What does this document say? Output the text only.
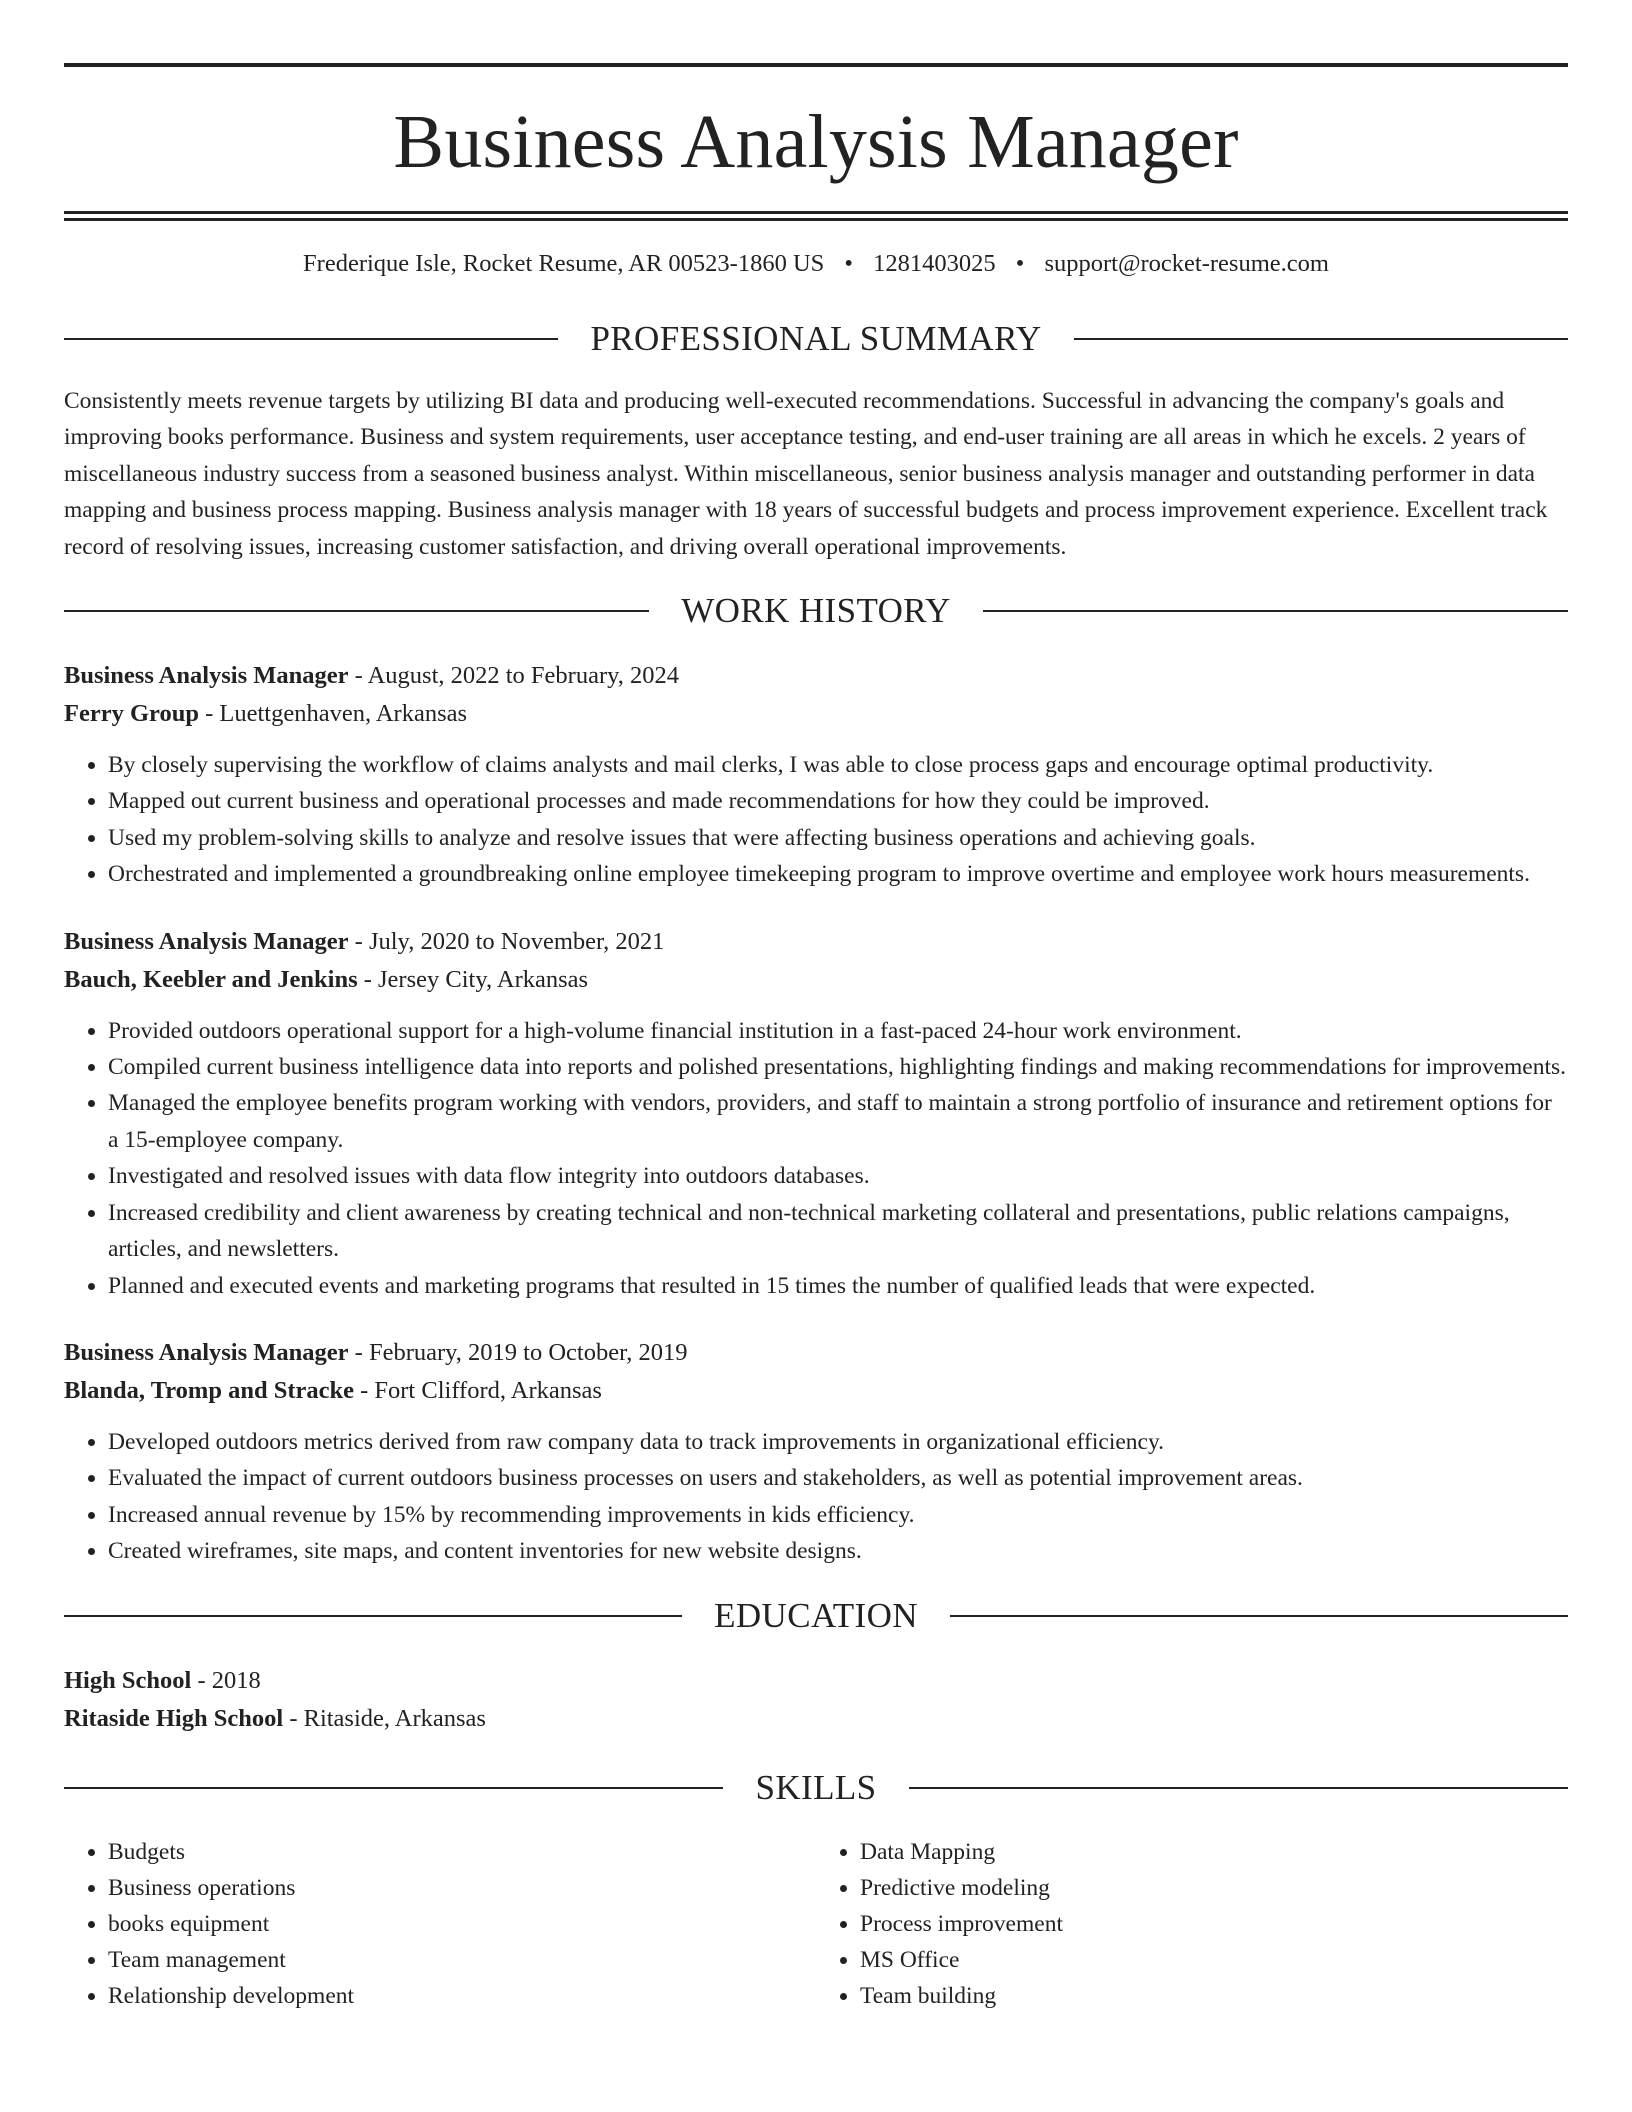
Business Analysis Manager
Frederique Isle, Rocket Resume, AR 00523-1860 US • 1281403025 • support@rocket-resume.com
PROFESSIONAL SUMMARY
Consistently meets revenue targets by utilizing BI data and producing well-executed recommendations. Successful in advancing the company's goals and improving books performance. Business and system requirements, user acceptance testing, and end-user training are all areas in which he excels. 2 years of miscellaneous industry success from a seasoned business analyst. Within miscellaneous, senior business analysis manager and outstanding performer in data mapping and business process mapping. Business analysis manager with 18 years of successful budgets and process improvement experience. Excellent track record of resolving issues, increasing customer satisfaction, and driving overall operational improvements.
WORK HISTORY
Business Analysis Manager - August, 2022 to February, 2024
Ferry Group - Luettgenhaven, Arkansas
• By closely supervising the workflow of claims analysts and mail clerks, I was able to close process gaps and encourage optimal productivity.
• Mapped out current business and operational processes and made recommendations for how they could be improved.
• Used my problem-solving skills to analyze and resolve issues that were affecting business operations and achieving goals.
• Orchestrated and implemented a groundbreaking online employee timekeeping program to improve overtime and employee work hours measurements.
Business Analysis Manager - July, 2020 to November, 2021
Bauch, Keebler and Jenkins - Jersey City, Arkansas
• Provided outdoors operational support for a high-volume financial institution in a fast-paced 24-hour work environment.
• Compiled current business intelligence data into reports and polished presentations, highlighting findings and making recommendations for improvements.
• Managed the employee benefits program working with vendors, providers, and staff to maintain a strong portfolio of insurance and retirement options for a 15-employee company.
• Investigated and resolved issues with data flow integrity into outdoors databases.
• Increased credibility and client awareness by creating technical and non-technical marketing collateral and presentations, public relations campaigns, articles, and newsletters.
• Planned and executed events and marketing programs that resulted in 15 times the number of qualified leads that were expected.
Business Analysis Manager - February, 2019 to October, 2019
Blanda, Tromp and Stracke - Fort Clifford, Arkansas
• Developed outdoors metrics derived from raw company data to track improvements in organizational efficiency.
• Evaluated the impact of current outdoors business processes on users and stakeholders, as well as potential improvement areas.
• Increased annual revenue by 15% by recommending improvements in kids efficiency.
• Created wireframes, site maps, and content inventories for new website designs.
EDUCATION
High School - 2018
Ritaside High School - Ritaside, Arkansas
SKILLS
• Budgets
• Business operations
• books equipment
• Team management
• Relationship development
• Data Mapping
• Predictive modeling
• Process improvement
• MS Office
• Team building
